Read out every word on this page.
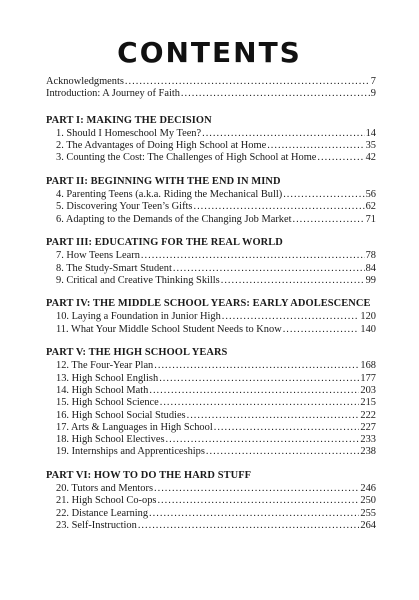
CONTENTS
Acknowledgments .....	7
Introduction: A Journey of Faith .....	9
PART I: MAKING THE DECISION
1. Should I Homeschool My Teen? .....	14
2. The Advantages of Doing High School at Home .....	35
3. Counting the Cost: The Challenges of High School at Home .....	42
PART II: BEGINNING WITH THE END IN MIND
4. Parenting Teens (a.k.a. Riding the Mechanical Bull) .....	56
5. Discovering Your Teen’s Gifts .....	62
6. Adapting to the Demands of the Changing Job Market .....	71
PART III: EDUCATING FOR THE REAL WORLD
7. How Teens Learn .....	78
8. The Study-Smart Student .....	84
9. Critical and Creative Thinking Skills .....	99
PART IV: THE MIDDLE SCHOOL YEARS: EARLY ADOLESCENCE
10. Laying a Foundation in Junior High .....	120
11. What Your Middle School Student Needs to Know .....	140
PART V: THE HIGH SCHOOL YEARS
12. The Four-Year Plan .....	168
13. High School English .....	177
14. High School Math .....	203
15. High School Science .....	215
16. High School Social Studies .....	222
17. Arts & Languages in High School .....	227
18. High School Electives .....	233
19. Internships and Apprenticeships .....	238
PART VI: HOW TO DO THE HARD STUFF
20. Tutors and Mentors .....	246
21. High School Co-ops .....	250
22. Distance Learning .....	255
23. Self-Instruction .....	264
